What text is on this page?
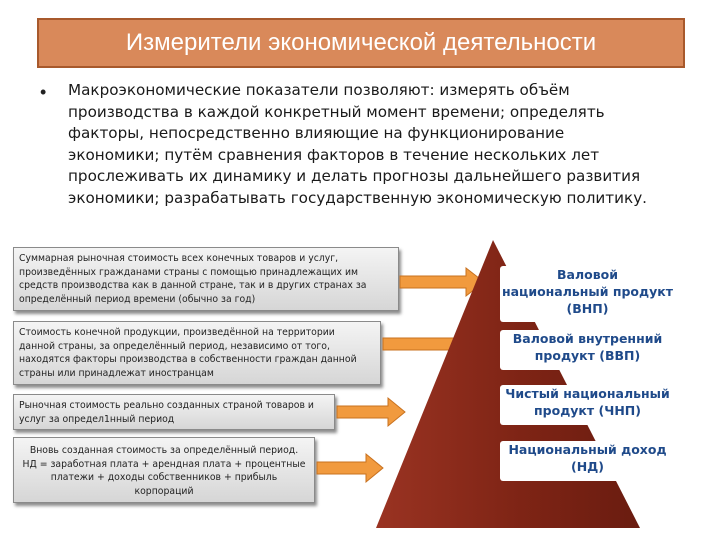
Измерители экономической деятельности
• Макроэкономические показатели позволяют: измерять объём
производства в каждой конкретный момент времени; определять
факторы, непосредственно влияющие на функционирование
экономики; путём сравнения факторов в течение нескольких лет
прослеживать их динамику и делать прогнозы дальнейшего развития
экономики; разрабатывать государственную экономическую политику.
Суммарная рыночная стоимость всех конечных товаров и услуг,
произведённых гражданами страны с помощью принадлежащих им
средств производства как в данной стране, так и в других странах за
определённый период времени (обычно за год)
Стоимость конечной продукции, произведённой на территории
данной страны, за определённый период, независимо от того,
находятся факторы производства в собственности граждан данной
страны или принадлежат иностранцам
Рыночная стоимость реально созданных страной товаров и
услуг за определ1нный период
Вновь созданная стоимость за определённый период.
НД = заработная плата + арендная плата + процентные
платежи + доходы собственников + прибыль
корпораций
Валовой
национальный продукт
(ВНП)
Валовой внутренний
продукт (ВВП)
Чистый национальный
продукт (ЧНП)
Национальный доход
(НД)
